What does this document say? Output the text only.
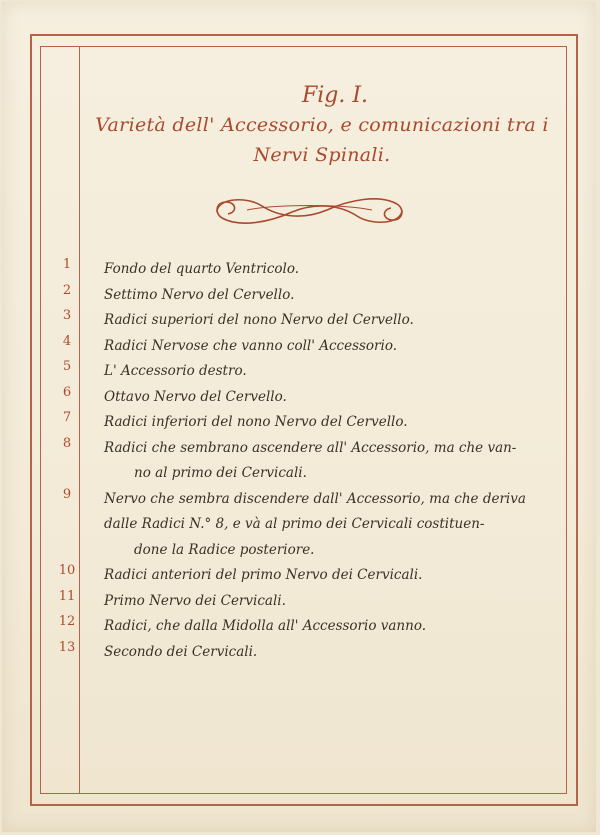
Fig. I.
Varietà dell' Accessorio, e comunicazioni tra i
Nervi Spinali.
1	Fondo del quarto Ventricolo.
2	Settimo Nervo del Cervello.
3	Radici superiori del nono Nervo del Cervello.
4	Radici Nervose che vanno coll' Accessorio.
5	L' Accessorio destro.
6	Ottavo Nervo del Cervello.
7	Radici inferiori del nono Nervo del Cervello.
8	Radici che sembrano ascendere all' Accessorio, ma che van-
no al primo dei Cervicali.
9	Nervo che sembra discendere dall' Accessorio, ma che deriva
dalle Radici N.° 8, e và al primo dei Cervicali costituen-
done la Radice posteriore.
10	Radici anteriori del primo Nervo dei Cervicali.
11	Primo Nervo dei Cervicali.
12	Radici, che dalla Midolla all' Accessorio vanno.
13	Secondo dei Cervicali.
